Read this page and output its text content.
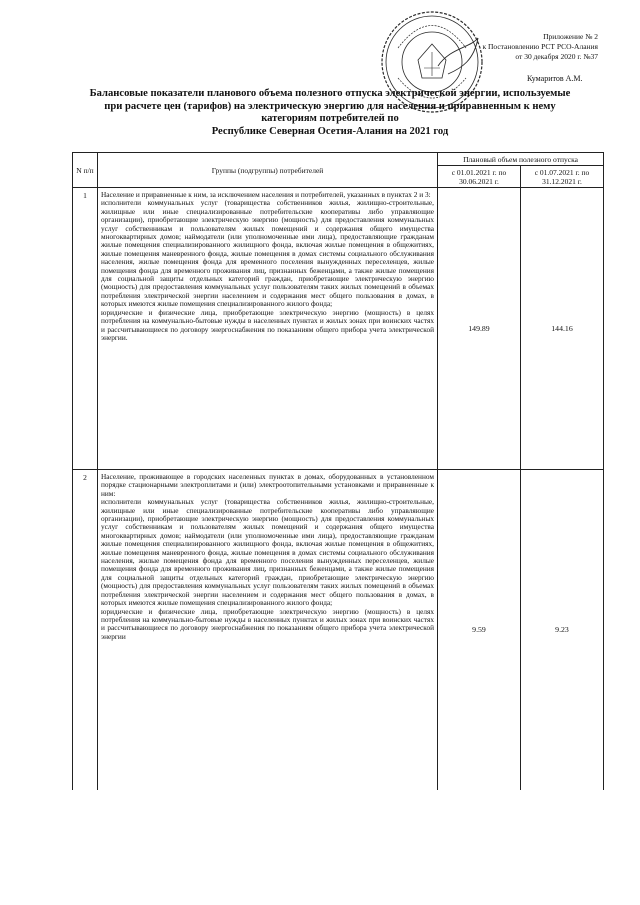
Приложение № 2
к Постановлению РСТ РСО-Алания
от 30 декабря 2020 г. №37
Кумаритов А.М.
Балансовые показатели планового объема полезного отпуска электрической энергии, используемые
при расчете цен (тарифов) на электрическую энергию для населения и приравненным к нему
категориям потребителей по
Республике Северная Осетия-Алания на 2021 год
N п/п	Группы (подгруппы) потребителей	Плановый объем полезного отпуска	
		с 01.01.2021 г. по 30.06.2021 г.	с 01.07.2021 г. по 31.12.2021 г.
1	Население и приравненные к ним, за исключением населения и потребителей, указанных в пунктах 2 и 3:
исполнители коммунальных услуг (товарищества собственников жилья, жилищно-строительные, жилищные или иные специализированные потребительские кооперативы либо управляющие организации), приобретающие электрическую энергию (мощность) для предоставления коммунальных услуг собственникам и пользователям жилых помещений и содержания общего имущества многоквартирных домов; наймодатели (или уполномоченные ими лица), предоставляющие гражданам жилые помещения специализированного жилищного фонда, включая жилые помещения в общежитиях, жилые помещения маневренного фонда, жилые помещения в домах системы социального обслуживания населения, жилые помещения фонда для временного поселения вынужденных переселенцев, жилые помещения фонда для временного проживания лиц, признанных беженцами, а также жилые помещения для социальной защиты отдельных категорий граждан, приобретающие электрическую энергию (мощность) для предоставления коммунальных услуг пользователям таких жилых помещений в объемах потребления электрической энергии населением и содержания мест общего пользования в домах, в которых имеются жилые помещения специализированного жилого фонда;
юридические и физические лица, приобретающие электрическую энергию (мощность) в целях потребления на коммунально-бытовые нужды в населенных пунктах и жилых зонах при воинских частях и рассчитывающиеся по договору энергоснабжения по показаниям общего прибора учета электрической энергии.	149.89	144.16
2	Население, проживающее в городских населенных пунктах в домах, оборудованных в установленном порядке стационарными электроплитами и (или) электроотопительными установками и приравненные к ним:
исполнители коммунальных услуг (товарищества собственников жилья, жилищно-строительные, жилищные или иные специализированные потребительские кооперативы либо управляющие организации), приобретающие электрическую энергию (мощность) для предоставления коммунальных услуг собственникам и пользователям жилых помещений и содержания общего имущества многоквартирных домов; наймодатели (или уполномоченные ими лица), предоставляющие гражданам жилые помещения специализированного жилищного фонда, включая жилые помещения в общежитиях, жилые помещения маневренного фонда, жилые помещения в домах системы социального обслуживания населения, жилые помещения фонда для временного поселения вынужденных переселенцев, жилые помещения фонда для временного проживания лиц, признанных беженцами, а также жилые помещения для социальной защиты отдельных категорий граждан, приобретающие электрическую энергию (мощность) для предоставления коммунальных услуг пользователям таких жилых помещений в объемах потребления электрической энергии населением и содержания мест общего пользования в домах, в которых имеются жилые помещения специализированного жилого фонда;
юридические и физические лица, приобретающие электрическую энергию (мощность) в целях потребления на коммунально-бытовые нужды в населенных пунктах и жилых зонах при воинских частях и рассчитывающиеся по договору энергоснабжения по показаниям общего прибора учета электрической энергии	9.59	9.23
